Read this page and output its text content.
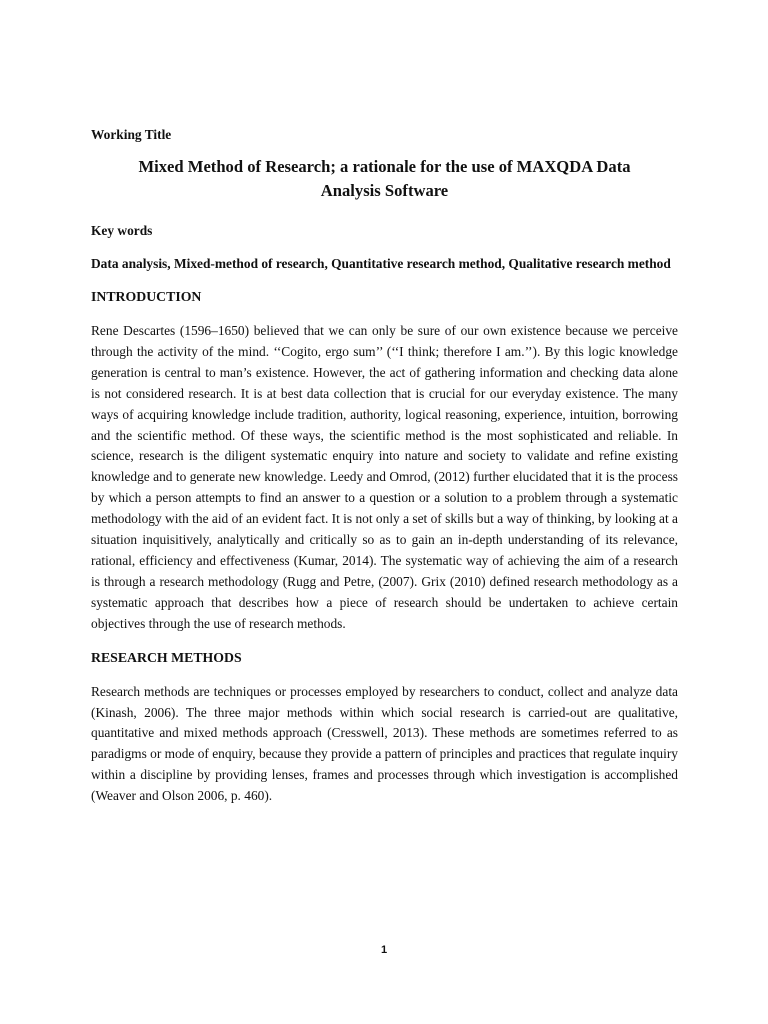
Working Title

Mixed Method of Research; a rationale for the use of MAXQDA Data Analysis Software

Key words

Data analysis, Mixed-method of research, Quantitative research method, Qualitative research method

INTRODUCTION

Rene Descartes (1596–1650) believed that we can only be sure of our own existence because we perceive through the activity of the mind. ‘‘Cogito, ergo sum’’ (‘‘I think; therefore I am.’’). By this logic knowledge generation is central to man’s existence. However, the act of gathering information and checking data alone is not considered research. It is at best data collection that is crucial for our everyday existence. The many ways of acquiring knowledge include tradition, authority, logical reasoning, experience, intuition, borrowing and the scientific method. Of these ways, the scientific method is the most sophisticated and reliable. In science, research is the diligent systematic enquiry into nature and society to validate and refine existing knowledge and to generate new knowledge. Leedy and Omrod, (2012) further elucidated that it is the process by which a person attempts to find an answer to a question or a solution to a problem through a systematic methodology with the aid of an evident fact. It is not only a set of skills but a way of thinking, by looking at a situation inquisitively, analytically and critically so as to gain an in-depth understanding of its relevance, rational, efficiency and effectiveness (Kumar, 2014). The systematic way of achieving the aim of a research is through a research methodology (Rugg and Petre, (2007). Grix (2010) defined research methodology as a systematic approach that describes how a piece of research should be undertaken to achieve certain objectives through the use of research methods.

RESEARCH METHODS

Research methods are techniques or processes employed by researchers to conduct, collect and analyze data (Kinash, 2006). The three major methods within which social research is carried-out are qualitative, quantitative and mixed methods approach (Cresswell, 2013). These methods are sometimes referred to as paradigms or mode of enquiry, because they provide a pattern of principles and practices that regulate inquiry within a discipline by providing lenses, frames and processes through which investigation is accomplished (Weaver and Olson 2006, p. 460).

1
